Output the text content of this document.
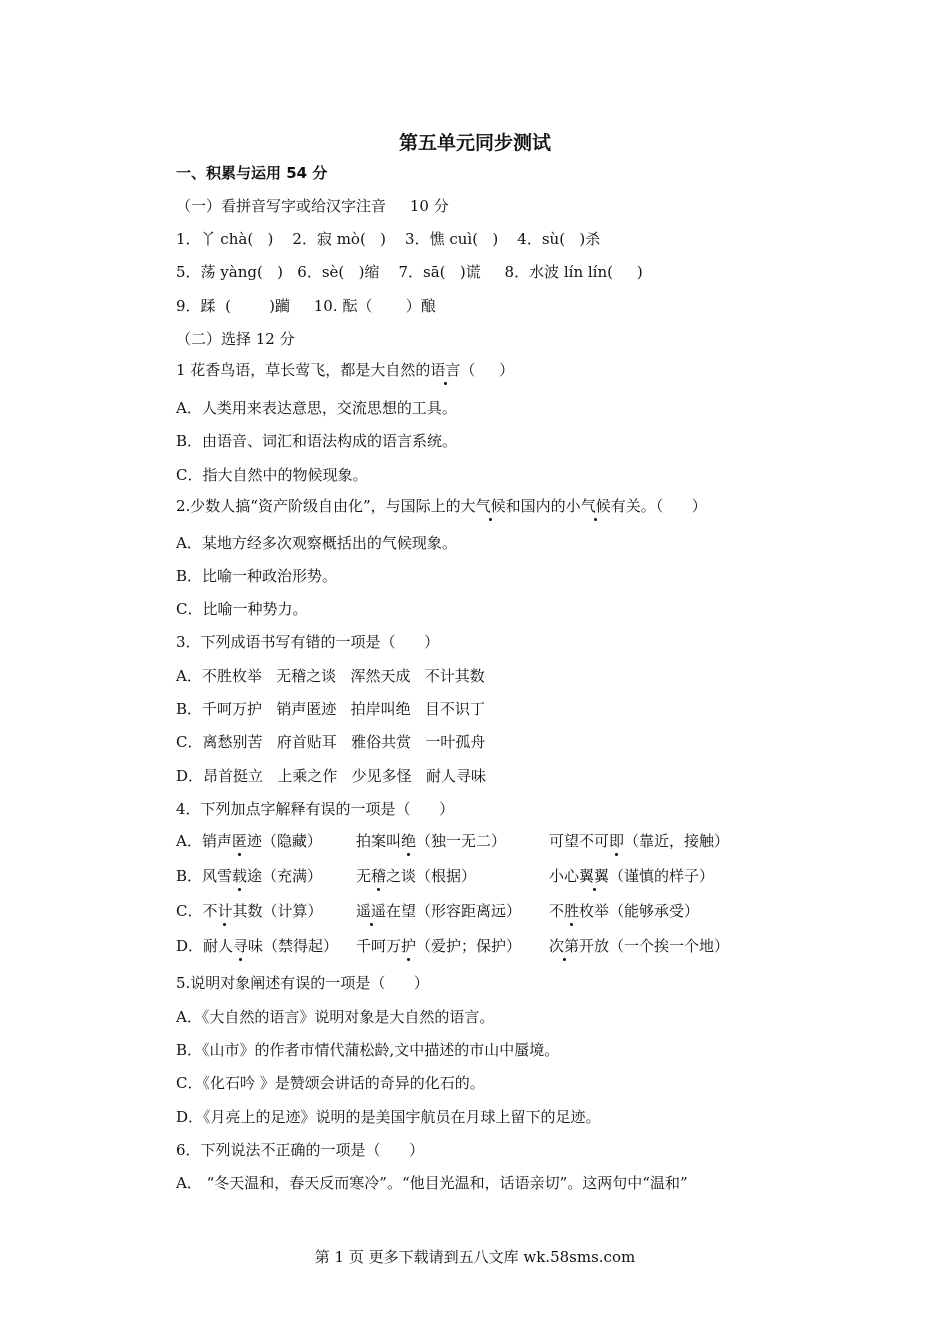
第五单元同步测试
一、积累与运用 54 分
（一）看拼音写字或给汉字注音     10 分
1．丫 chà(   )    2．寂 mò(   )    3．憔 cuì(   )    4．sù(   )杀
5．荡 yàng(   )   6．sè(   )缩    7．sā(   )谎     8．水波 lín lín(     )
9．蹂  (        )躏     10. 酝（       ）酿
（二）选择 12 分
1 花香鸟语，草长莺飞，都是大自然的语言（     ）
A．人类用来表达意思，交流思想的工具。
B．由语音、词汇和语法构成的语言系统。
C．指大自然中的物候现象。
2.少数人搞“资产阶级自由化”，与国际上的大气候和国内的小气候有关。（      ）
A．某地方经多次观察概括出的气候现象。
B．比喻一种政治形势。
C．比喻一种势力。
3．下列成语书写有错的一项是（      ）
A．不胜枚举   无稽之谈   浑然天成   不计其数
B．千呵万护   销声匿迹   拍岸叫绝   目不识丁
C．离愁别苦   府首贴耳   雅俗共赏   一叶孤舟
D．昂首挺立   上乘之作   少见多怪   耐人寻味
4．下列加点字解释有误的一项是（      ）
A．销声匿迹（隐藏） 拍案叫绝（独一无二）	可望不可即（靠近，接触）
B．风雪载途（充满） 无稽之谈（根据）	小心翼翼（谨慎的样子）
C．不计其数（计算） 遥遥在望（形容距离远） 不胜枚举（能够承受）
D．耐人寻味（禁得起） 千呵万护（爱护；保护） 次第开放（一个挨一个地）
5.说明对象阐述有误的一项是（      ）
A．《大自然的语言》说明对象是大自然的语言。
B．《山市》的作者市情代蒲松龄,文中描述的市山中蜃境。
C．《化石吟 》是赞颂会讲话的奇异的化石的。
D．《月亮上的足迹》说明的是美国宇航员在月球上留下的足迹。
6．下列说法不正确的一项是（      ）
A． “冬天温和，春天反而寒冷”。“他目光温和，话语亲切”。这两句中“温和”
第 1 页 更多下载请到五八文库 wk.58sms.com
